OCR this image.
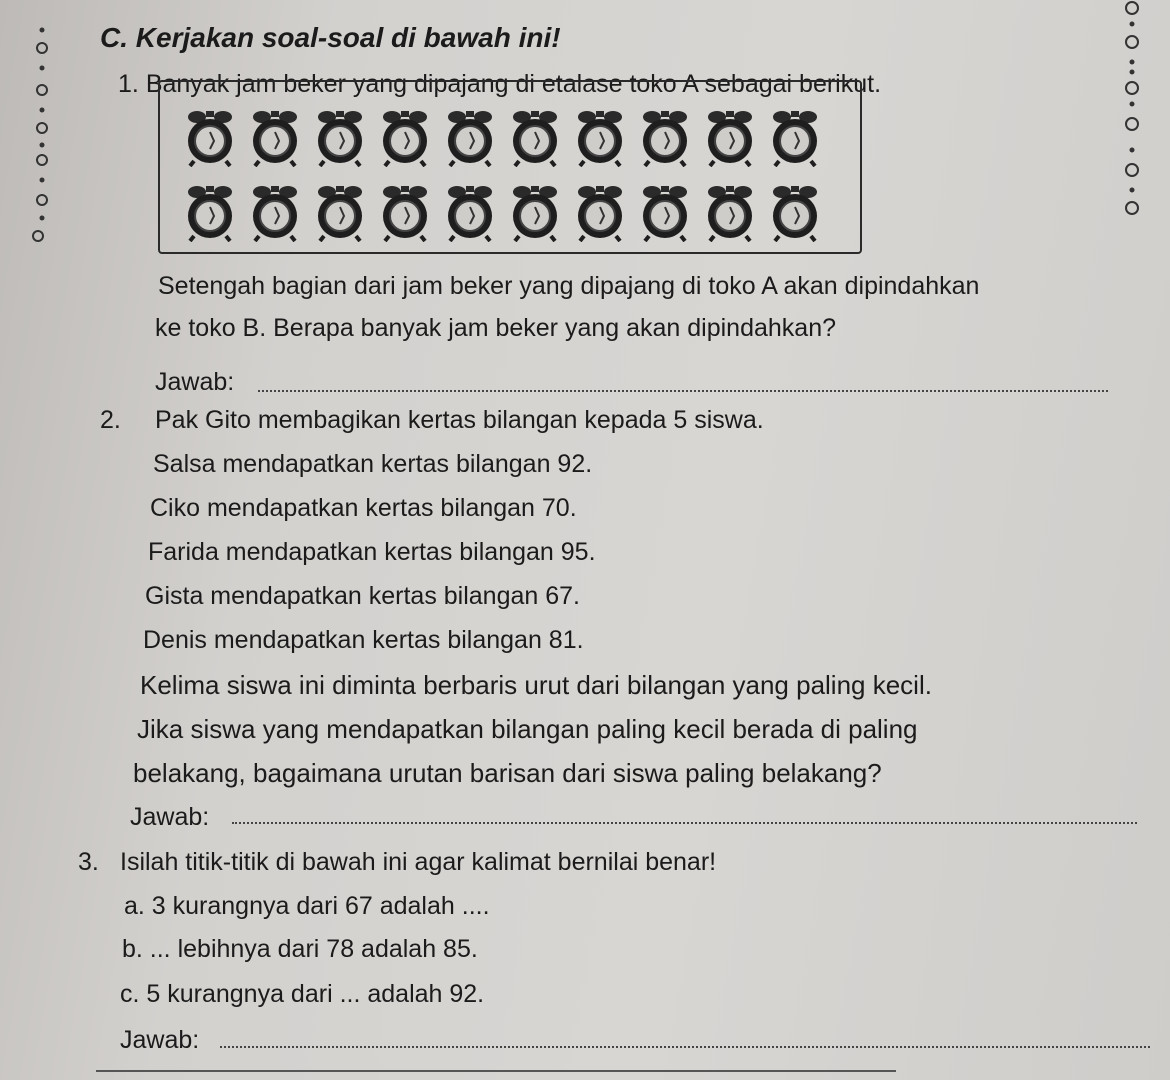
C. Kerjakan soal-soal di bawah ini!
1. Banyak jam beker yang dipajang di etalase toko A sebagai berikut.
Setengah bagian dari jam beker yang dipajang di toko A akan dipindahkan
ke toko B. Berapa banyak jam beker yang akan dipindahkan?
Jawab:
2. Pak Gito membagikan kertas bilangan kepada 5 siswa.
Salsa mendapatkan kertas bilangan 92.
Ciko mendapatkan kertas bilangan 70.
Farida mendapatkan kertas bilangan 95.
Gista mendapatkan kertas bilangan 67.
Denis mendapatkan kertas bilangan 81.
Kelima siswa ini diminta berbaris urut dari bilangan yang paling kecil.
Jika siswa yang mendapatkan bilangan paling kecil berada di paling
belakang, bagaimana urutan barisan dari siswa paling belakang?
Jawab:
3. Isilah titik-titik di bawah ini agar kalimat bernilai benar!
a. 3 kurangnya dari 67 adalah ....
b. ... lebihnya dari 78 adalah 85.
c. 5 kurangnya dari ... adalah 92.
Jawab:
